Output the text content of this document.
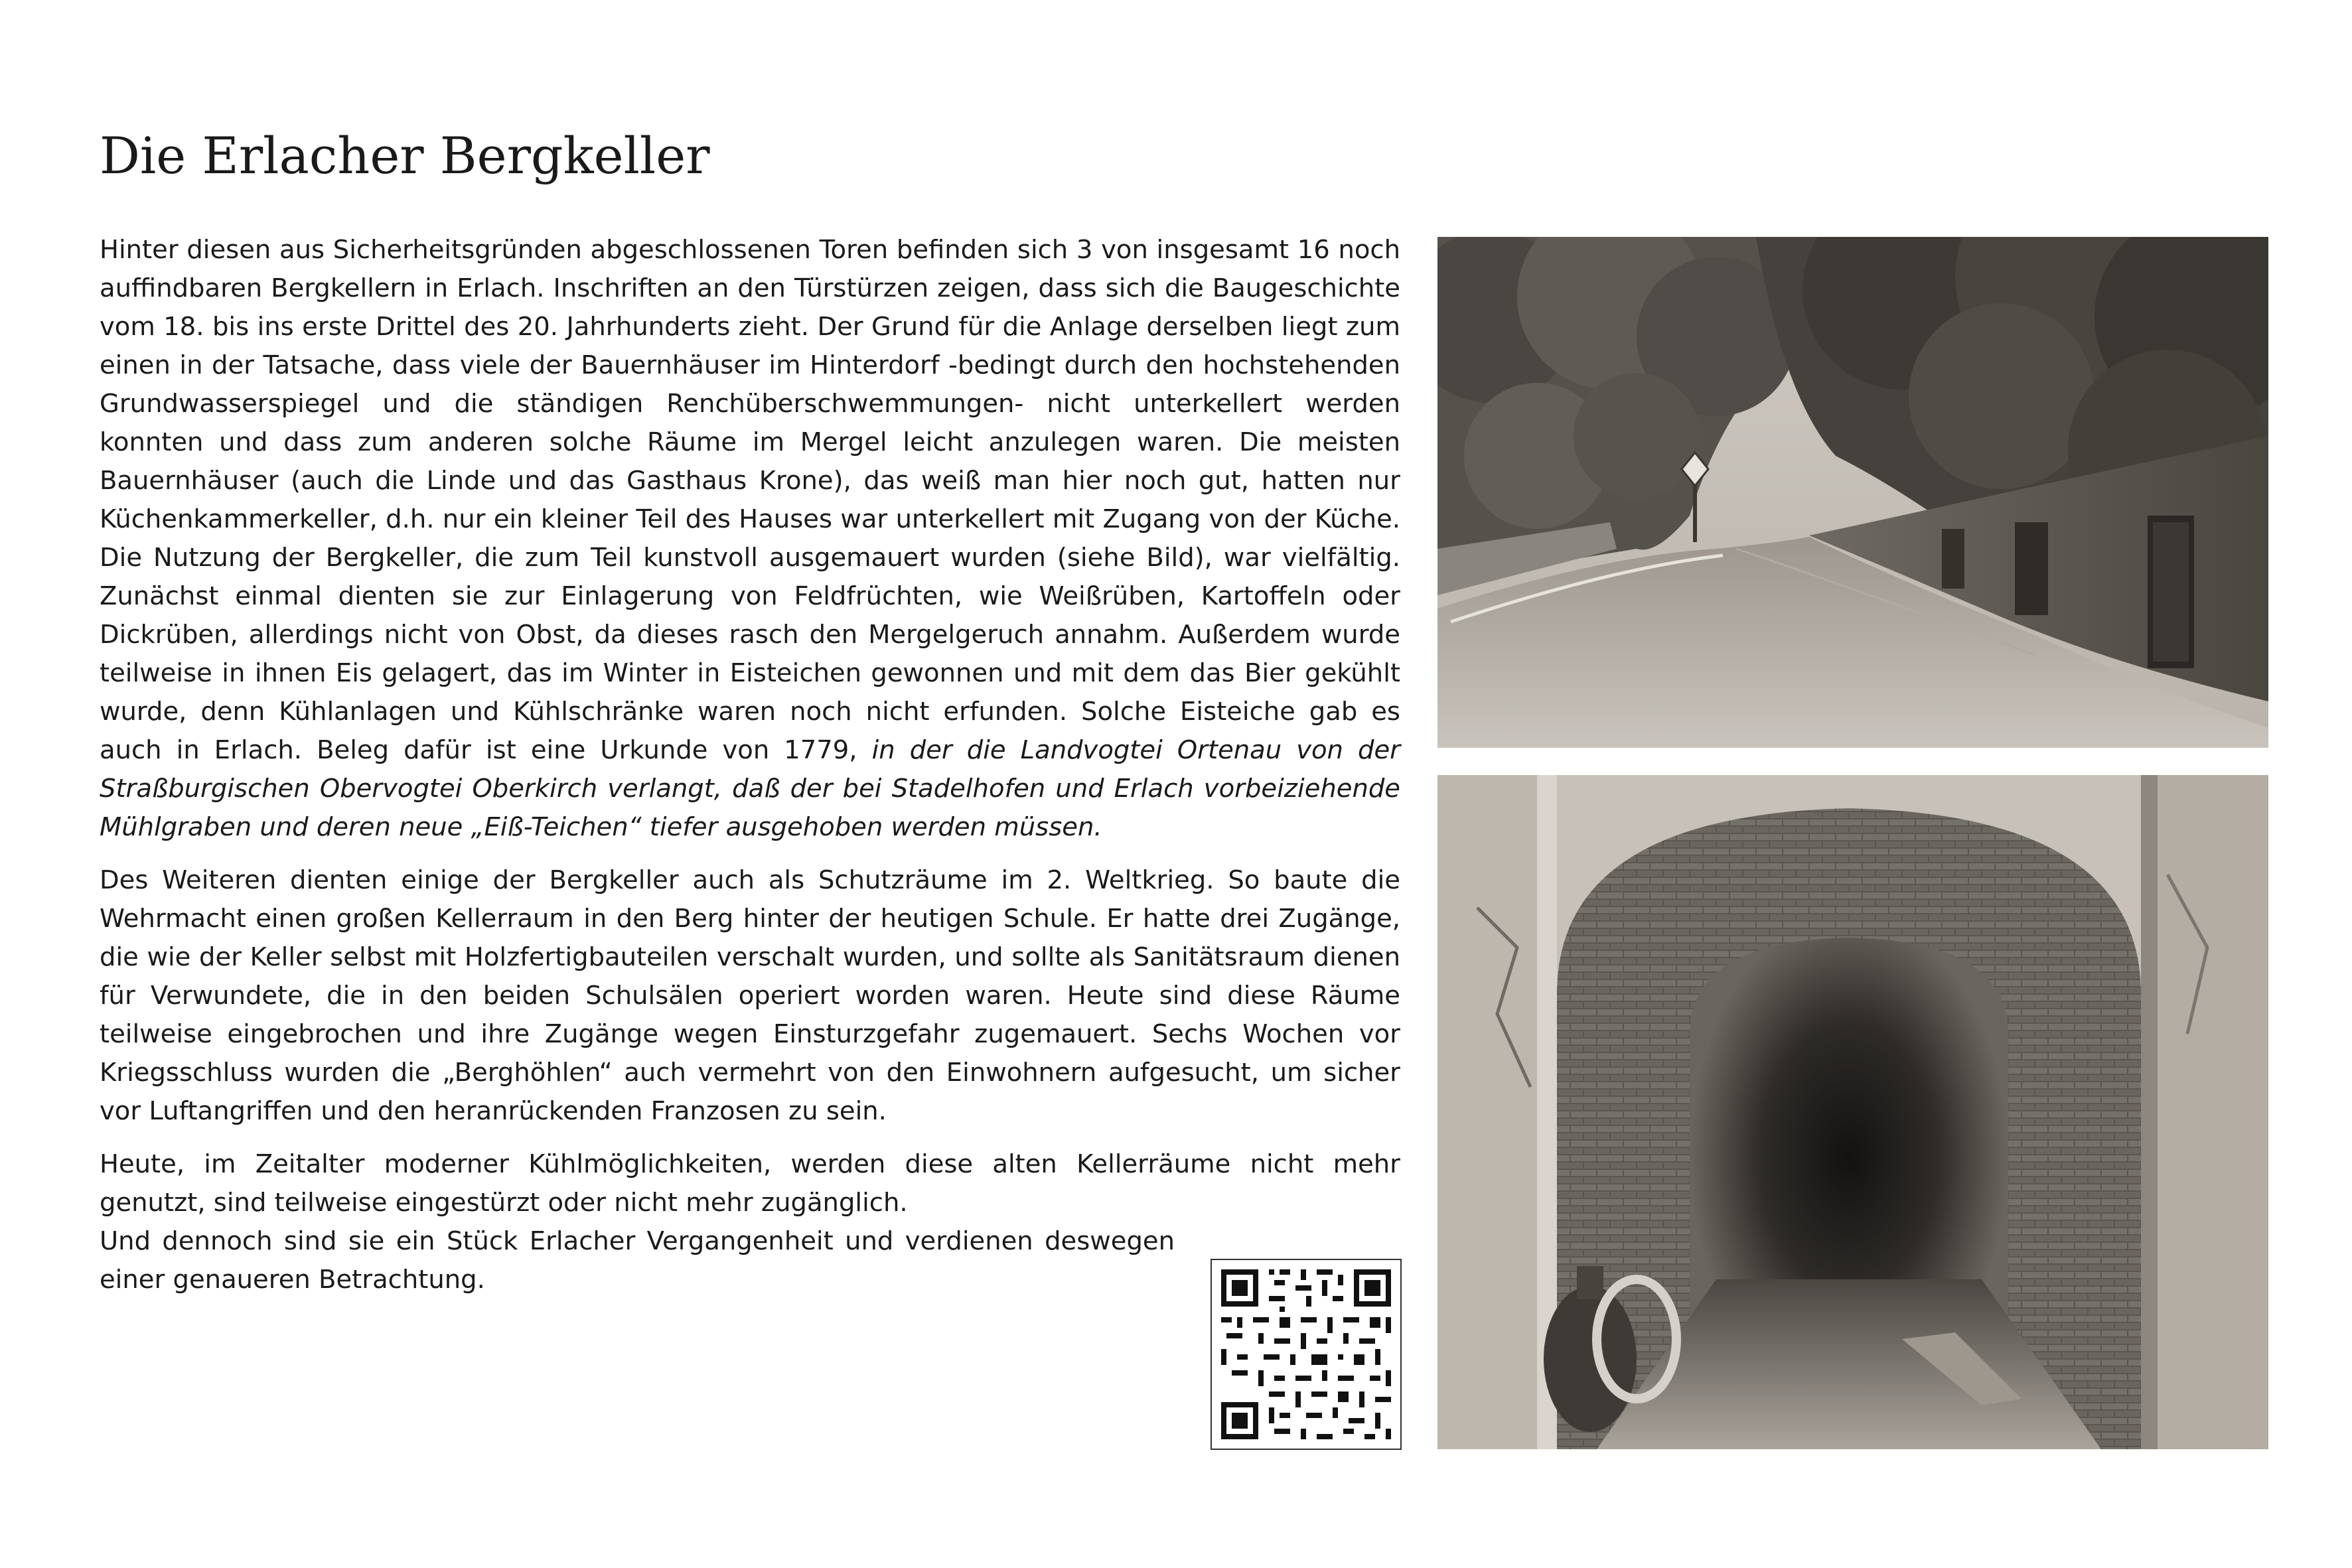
Die Erlacher Bergkeller

Hinter diesen aus Sicherheitsgründen abgeschlossenen Toren befinden sich 3 von insgesamt 16 noch auffindbaren Bergkellern in Erlach. Inschriften an den Türstürzen zeigen, dass sich die Baugeschichte vom 18. bis ins erste Drittel des 20. Jahrhunderts zieht. Der Grund für die Anlage derselben liegt zum einen in der Tatsache, dass viele der Bauernhäuser im Hinterdorf -bedingt durch den hochstehenden Grundwasserspiegel und die ständigen Renchüberschwemmungen- nicht unterkellert werden konnten und dass zum anderen solche Räume im Mergel leicht anzulegen waren. Die meisten Bauernhäuser (auch die Linde und das Gasthaus Krone), das weiß man hier noch gut, hatten nur Küchenkammerkeller, d.h. nur ein kleiner Teil des Hauses war unterkellert mit Zugang von der Küche. Die Nutzung der Bergkeller, die zum Teil kunstvoll ausgemauert wurden (siehe Bild), war vielfältig. Zunächst einmal dienten sie zur Einlagerung von Feldfrüchten, wie Weißrüben, Kartoffeln oder Dickrüben, allerdings nicht von Obst, da dieses rasch den Mergelgeruch annahm. Außerdem wurde teilweise in ihnen Eis gelagert, das im Winter in Eisteichen gewonnen und mit dem das Bier gekühlt wurde, denn Kühlanlagen und Kühlschränke waren noch nicht erfunden. Solche Eisteiche gab es auch in Erlach. Beleg dafür ist eine Urkunde von 1779, in der die Landvogtei Ortenau von der Straßburgischen Obervogtei Oberkirch verlangt, daß der bei Stadelhofen und Erlach vorbeiziehende Mühlgraben und deren neue „Eiß-Teichen“ tiefer ausgehoben werden müssen.

Des Weiteren dienten einige der Bergkeller auch als Schutzräume im 2. Weltkrieg. So baute die Wehrmacht einen großen Kellerraum in den Berg hinter der heutigen Schule. Er hatte drei Zugänge, die wie der Keller selbst mit Holzfertigbauteilen verschalt wurden, und sollte als Sanitätsraum dienen für Verwundete, die in den beiden Schulsälen operiert worden waren. Heute sind diese Räume teilweise eingebrochen und ihre Zugänge wegen Einsturzgefahr zugemauert. Sechs Wochen vor Kriegsschluss wurden die „Berghöhlen“ auch vermehrt von den Einwohnern aufgesucht, um sicher vor Luftangriffen und den heranrückenden Franzosen zu sein.

Heute, im Zeitalter moderner Kühlmöglichkeiten, werden diese alten Kellerräume nicht mehr genutzt, sind teilweise eingestürzt oder nicht mehr zugänglich.

Und dennoch sind sie ein Stück Erlacher Vergangenheit und verdienen deswegen einer genaueren Betrachtung.
